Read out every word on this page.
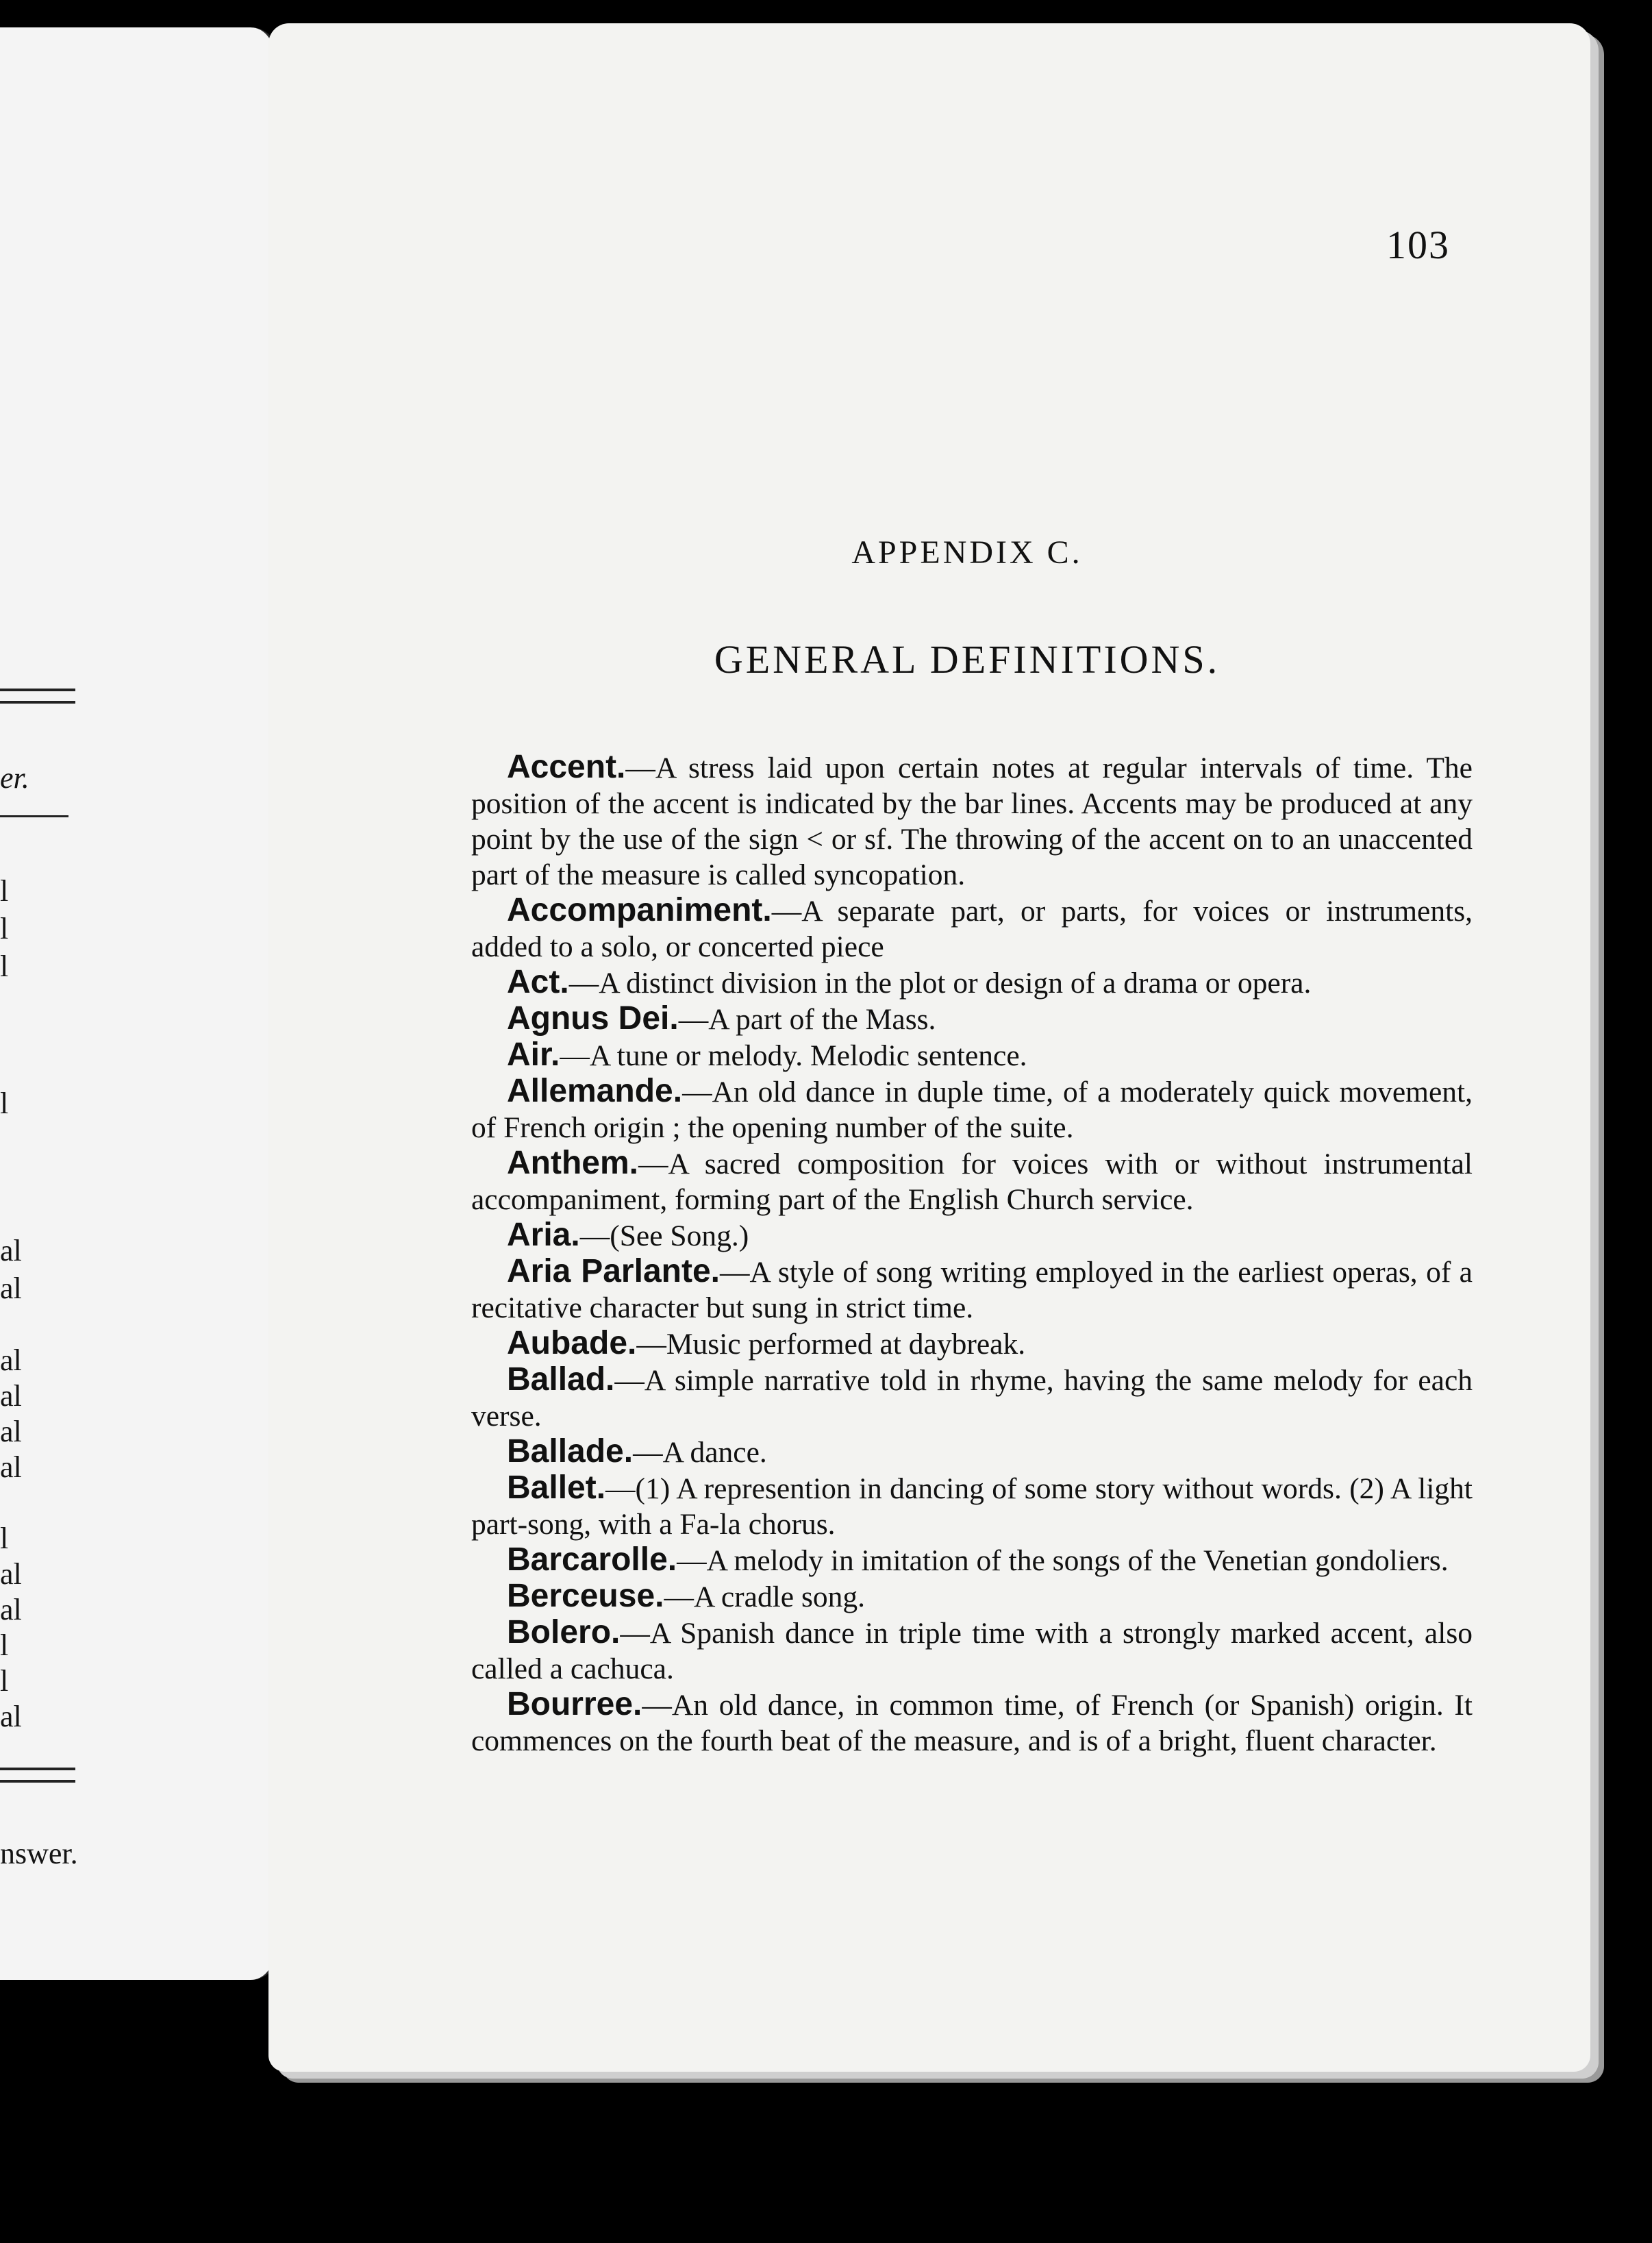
er.
l
l
l
l
al
al
al
al
al
al
l
al
al
l
l
al
nswer.
103
APPENDIX C.
GENERAL DEFINITIONS.

Accent.—A stress laid upon certain notes at regular intervals of time. The position of the accent is indicated by the bar lines. Accents may be produced at any point by the use of the sign < or sf. The throwing of the accent on to an unaccented part of the measure is called syncopation.

Accompaniment.—A separate part, or parts, for voices or instruments, added to a solo, or concerted piece

Act.—A distinct division in the plot or design of a drama or opera.

Agnus Dei.—A part of the Mass.

Air.—A tune or melody. Melodic sentence.

Allemande.—An old dance in duple time, of a moderately quick movement, of French origin ; the opening number of the suite.

Anthem.—A sacred composition for voices with or without instrumental accompaniment, forming part of the English Church service.

Aria.—(See Song.)

Aria Parlante.—A style of song writing employed in the earliest operas, of a recitative character but sung in strict time.

Aubade.—Music performed at daybreak.

Ballad.—A simple narrative told in rhyme, having the same melody for each verse.

Ballade.—A dance.

Ballet.—(1) A represention in dancing of some story without words. (2) A light part-song, with a Fa-la chorus.

Barcarolle.—A melody in imitation of the songs of the Venetian gondoliers.

Berceuse.—A cradle song.

Bolero.—A Spanish dance in triple time with a strongly marked accent, also called a cachuca.

Bourree.—An old dance, in common time, of French (or Spanish) origin. It commences on the fourth beat of the measure, and is of a bright, fluent character.
